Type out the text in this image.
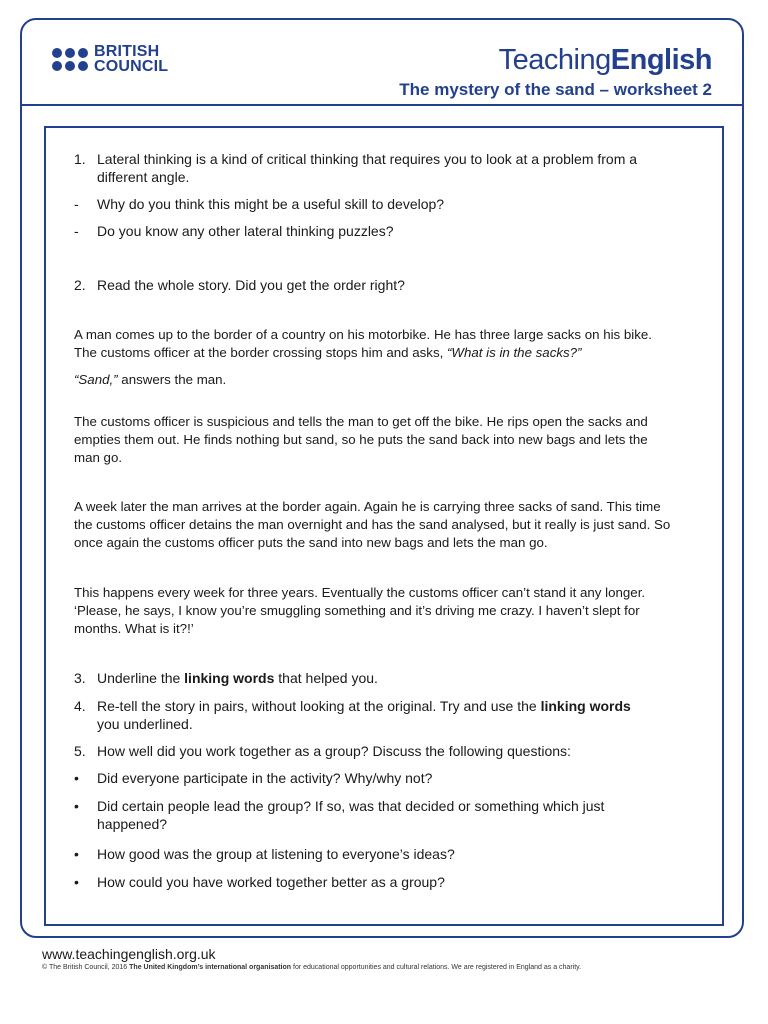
BRITISH
COUNCIL	TeachingEnglish
The mystery of the sand – worksheet 2
1. Lateral thinking is a kind of critical thinking that requires you to look at a problem from a
different angle.
- Why do you think this might be a useful skill to develop?
- Do you know any other lateral thinking puzzles?
2. Read the whole story. Did you get the order right?
A man comes up to the border of a country on his motorbike. He has three large sacks on his bike.
The customs officer at the border crossing stops him and asks, “What is in the sacks?”
“Sand,” answers the man.
The customs officer is suspicious and tells the man to get off the bike. He rips open the sacks and
empties them out. He finds nothing but sand, so he puts the sand back into new bags and lets the
man go.
A week later the man arrives at the border again. Again he is carrying three sacks of sand. This time
the customs officer detains the man overnight and has the sand analysed, but it really is just sand. So
once again the customs officer puts the sand into new bags and lets the man go.
This happens every week for three years. Eventually the customs officer can’t stand it any longer.
‘Please, he says, I know you’re smuggling something and it’s driving me crazy. I haven’t slept for
months. What is it?!’
3. Underline the linking words that helped you.
4. Re-tell the story in pairs, without looking at the original. Try and use the linking words
you underlined.
5. How well did you work together as a group? Discuss the following questions:
• Did everyone participate in the activity? Why/why not?
• Did certain people lead the group? If so, was that decided or something which just
happened?
• How good was the group at listening to everyone’s ideas?
• How could you have worked together better as a group?
www.teachingenglish.org.uk
© The British Council, 2016 The United Kingdom’s international organisation for educational opportunities and cultural relations. We are registered in England as a charity.
